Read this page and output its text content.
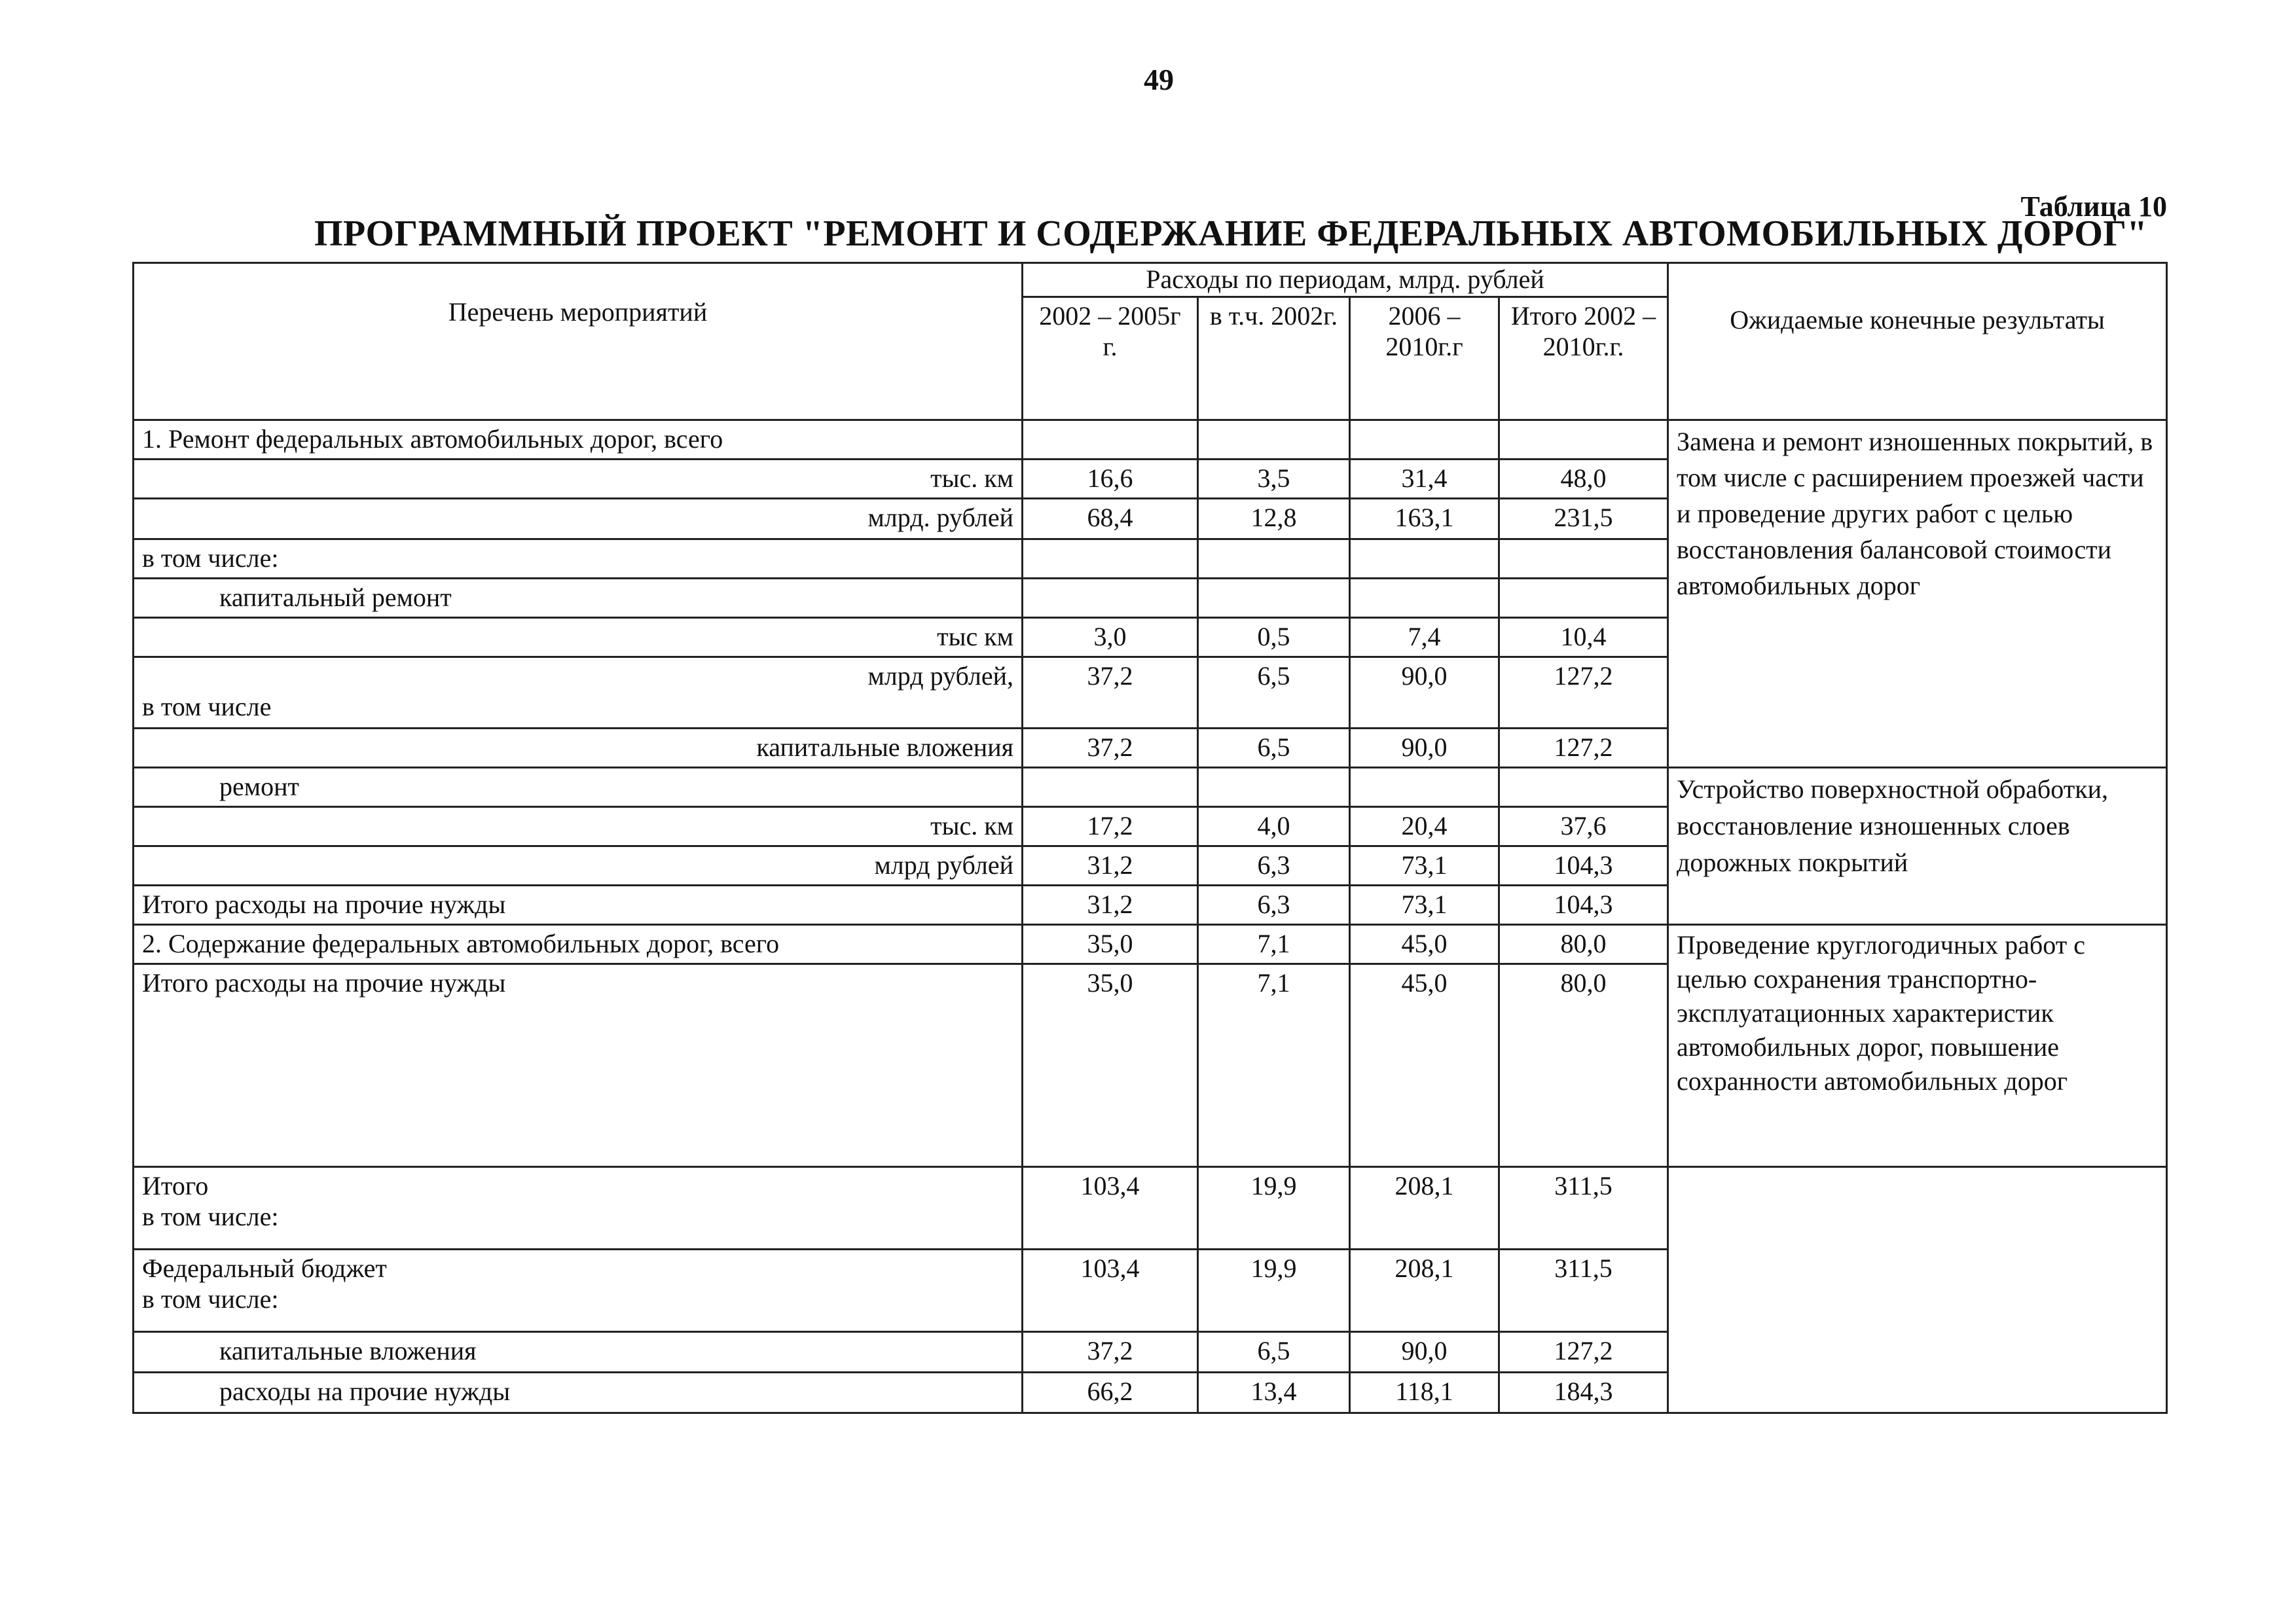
49
Таблица 10
ПРОГРАММНЫЙ ПРОЕКТ "РЕМОНТ И СОДЕРЖАНИЕ ФЕДЕРАЛЬНЫХ АВТОМОБИЛЬНЫХ ДОРОГ"
Перечень мероприятий	Расходы по периодам, млрд. рублей				Ожидаемые конечные результаты
	2002 – 2005г г.	в т.ч. 2002г.	2006 – 2010г.г	Итого 2002 – 2010г.г.	

1. Ремонт федеральных автомобильных дорог, всего					Замена и ремонт изношенных покрытий, в том числе с расширением проезжей части и проведение других работ с целью восстановления балансовой стоимости автомобильных дорог

тыс. км	16,6	3,5	31,4	48,0	

млрд. рублей	68,4	12,8	163,1	231,5	

в том числе:					

капитальный ремонт					

тыс км	3,0	0,5	7,4	10,4	

млрд рублей,
в том числе	37,2	6,5	90,0	127,2	

капитальные вложения	37,2	6,5	90,0	127,2	

ремонт					Устройство поверхностной обработки, восстановление изношенных слоев дорожных покрытий

тыс. км	17,2	4,0	20,4	37,6	

млрд рублей	31,2	6,3	73,1	104,3	

Итого расходы на прочие нужды	31,2	6,3	73,1	104,3	

2. Содержание федеральных автомобильных дорог, всего	35,0	7,1	45,0	80,0	Проведение круглогодичных работ с целью сохранения транспортно-эксплуатационных характеристик автомобильных дорог, повышение сохранности автомобильных дорог

Итого расходы на прочие нужды	35,0	7,1	45,0	80,0	

Итого
в том числе:	103,4	19,9	208,1	311,5	

Федеральный бюджет
в том числе:	103,4	19,9	208,1	311,5	

капитальные вложения	37,2	6,5	90,0	127,2	

расходы на прочие нужды	66,2	13,4	118,1	184,3	
